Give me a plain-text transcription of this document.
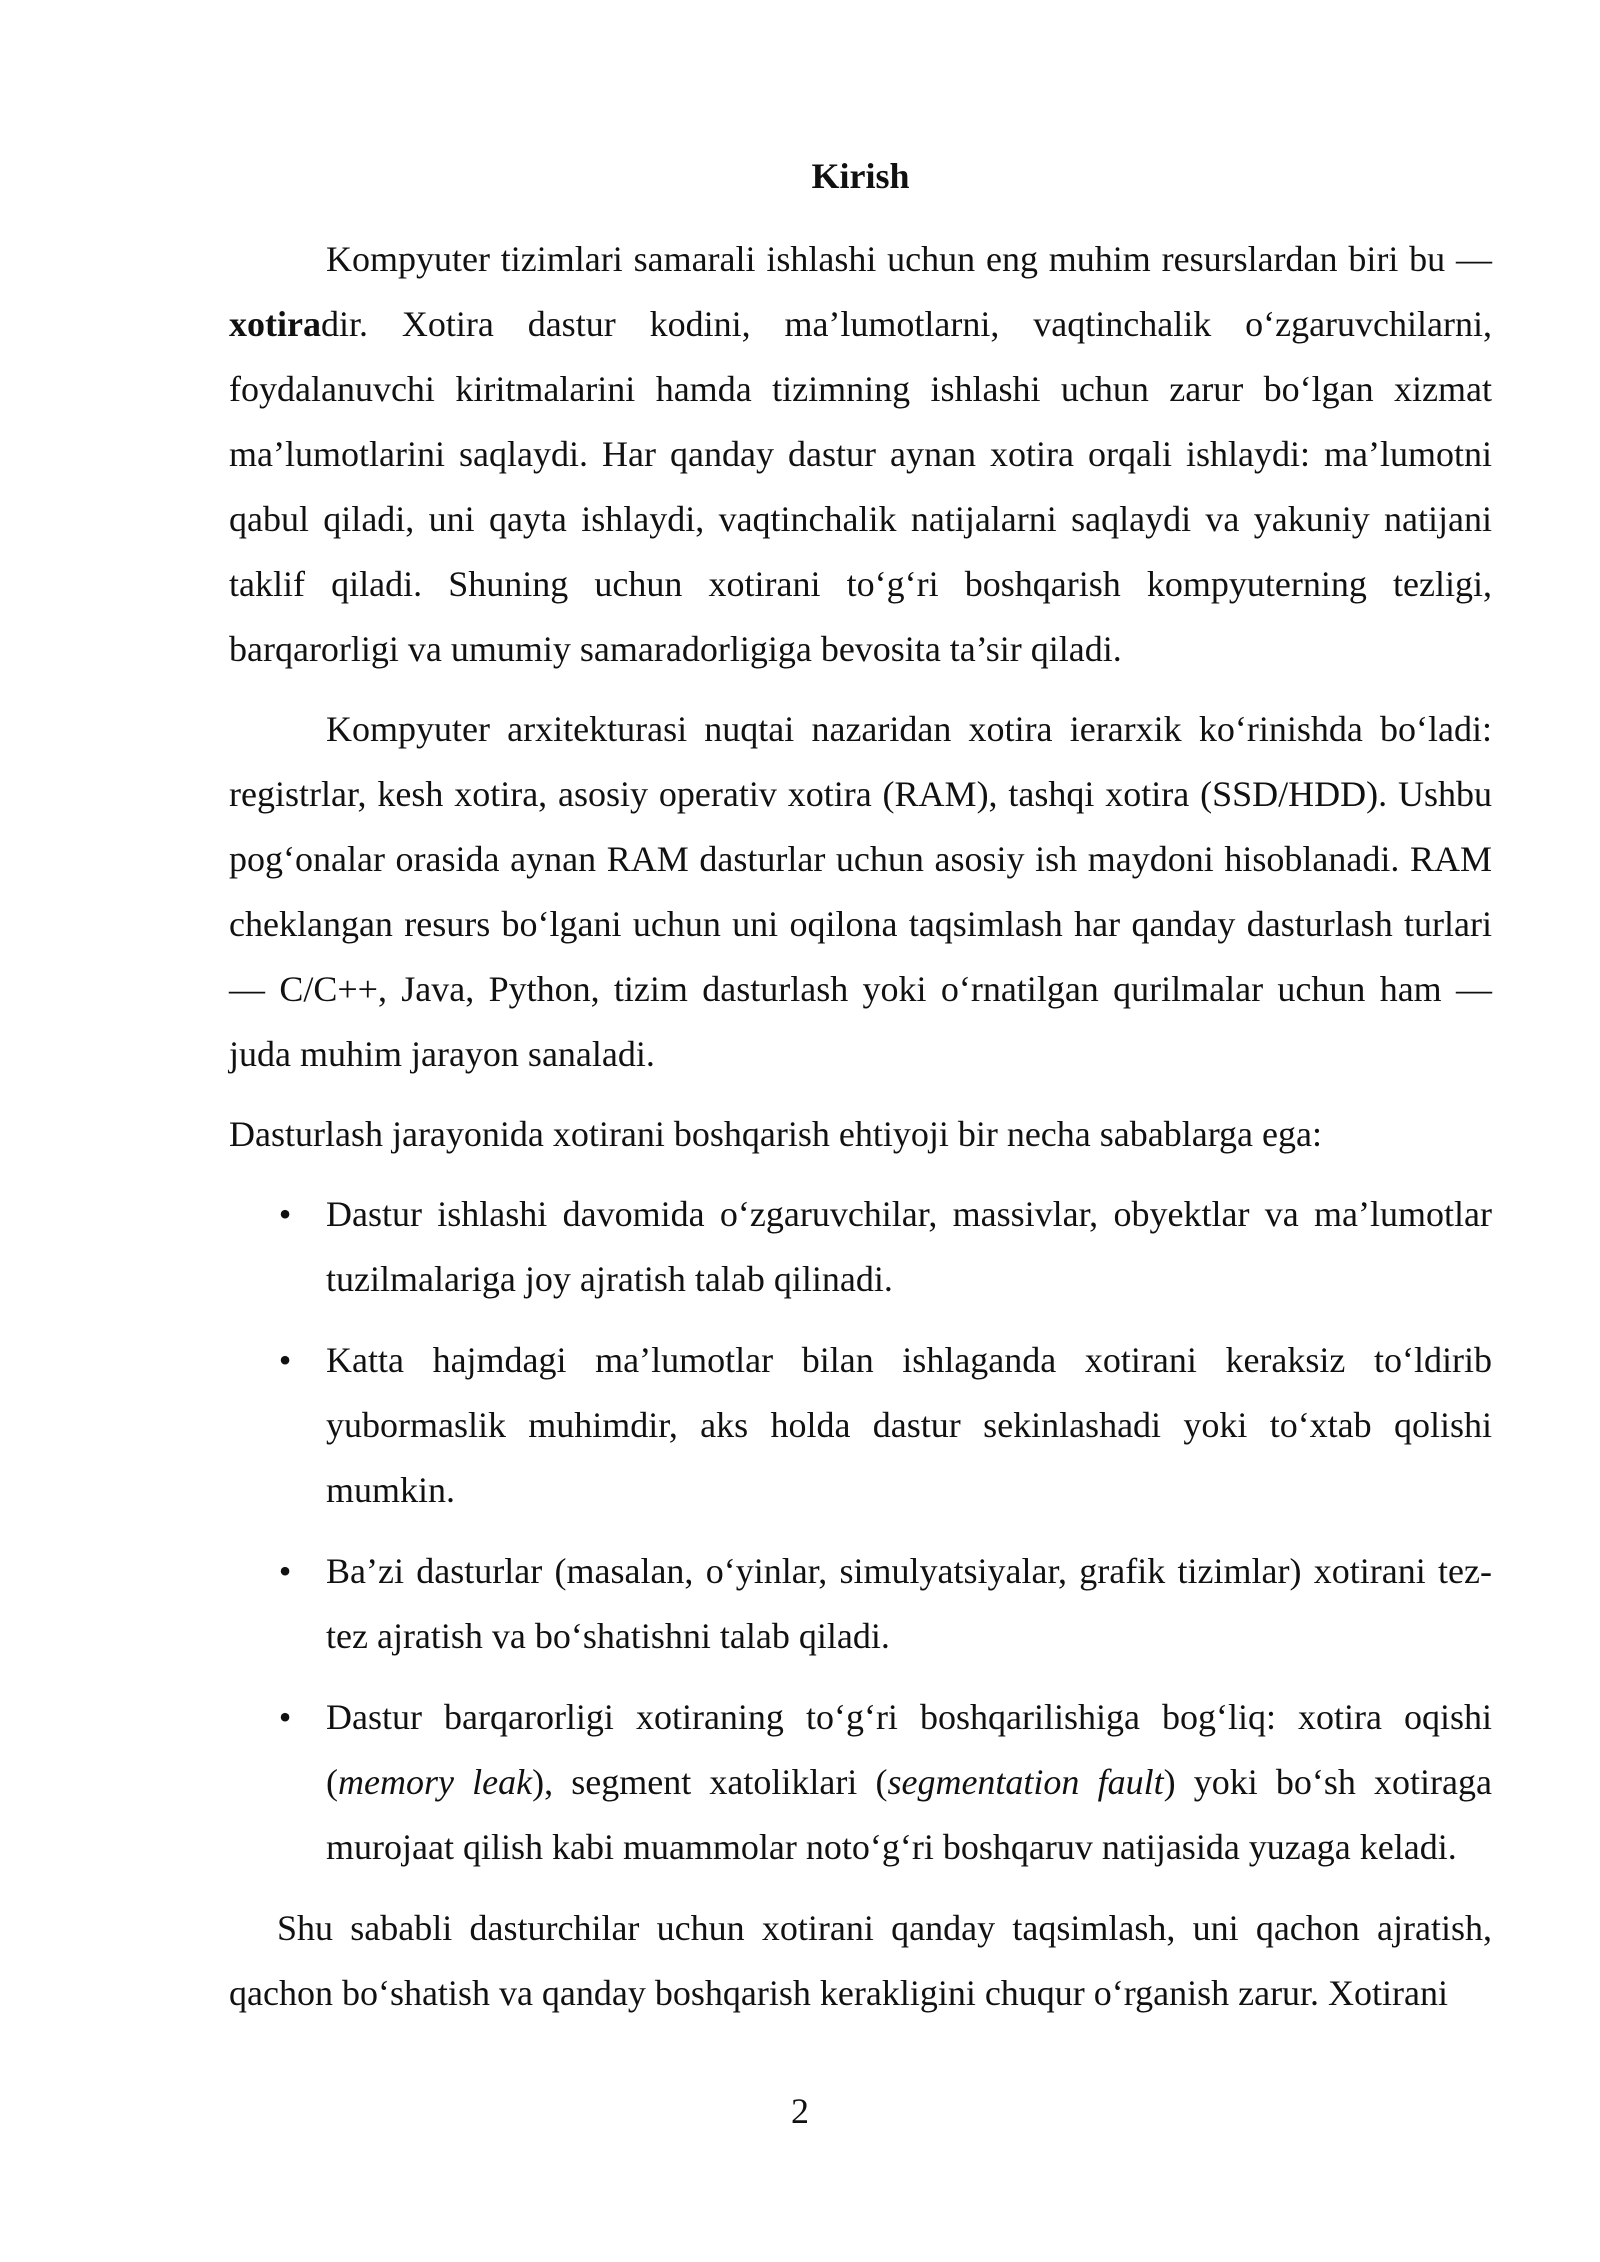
Kirish

Kompyuter tizimlari samarali ishlashi uchun eng muhim resurslardan biri bu — xotiradir. Xotira dastur kodini, ma’lumotlarni, vaqtinchalik o‘zgaruvchilarni, foydalanuvchi kiritmalarini hamda tizimning ishlashi uchun zarur bo‘lgan xizmat ma’lumotlarini saqlaydi. Har qanday dastur aynan xotira orqali ishlaydi: ma’lumotni qabul qiladi, uni qayta ishlaydi, vaqtinchalik natijalarni saqlaydi va yakuniy natijani taklif qiladi. Shuning uchun xotirani to‘g‘ri boshqarish kompyuterning tezligi, barqarorligi va umumiy samaradorligiga bevosita ta’sir qiladi.

Kompyuter arxitekturasi nuqtai nazaridan xotira ierarxik ko‘rinishda bo‘ladi: registrlar, kesh xotira, asosiy operativ xotira (RAM), tashqi xotira (SSD/HDD). Ushbu pog‘onalar orasida aynan RAM dasturlar uchun asosiy ish maydoni hisoblanadi. RAM cheklangan resurs bo‘lgani uchun uni oqilona taqsimlash har qanday dasturlash turlari — C/C++, Java, Python, tizim dasturlash yoki o‘rnatilgan qurilmalar uchun ham — juda muhim jarayon sanaladi.

Dasturlash jarayonida xotirani boshqarish ehtiyoji bir necha sabablarga ega:

• Dastur ishlashi davomida o‘zgaruvchilar, massivlar, obyektlar va ma’lumotlar tuzilmalariga joy ajratish talab qilinadi.
• Katta hajmdagi ma’lumotlar bilan ishlaganda xotirani keraksiz to‘ldirib yubormaslik muhimdir, aks holda dastur sekinlashadi yoki to‘xtab qolishi mumkin.
• Ba’zi dasturlar (masalan, o‘yinlar, simulyatsiyalar, grafik tizimlar) xotirani tez-tez ajratish va bo‘shatishni talab qiladi.
• Dastur barqarorligi xotiraning to‘g‘ri boshqarilishiga bog‘liq: xotira oqishi (memory leak), segment xatoliklari (segmentation fault) yoki bo‘sh xotiraga murojaat qilish kabi muammolar noto‘g‘ri boshqaruv natijasida yuzaga keladi.

Shu sababli dasturchilar uchun xotirani qanday taqsimlash, uni qachon ajratish, qachon bo‘shatish va qanday boshqarish kerakligini chuqur o‘rganish zarur. Xotirani

2
